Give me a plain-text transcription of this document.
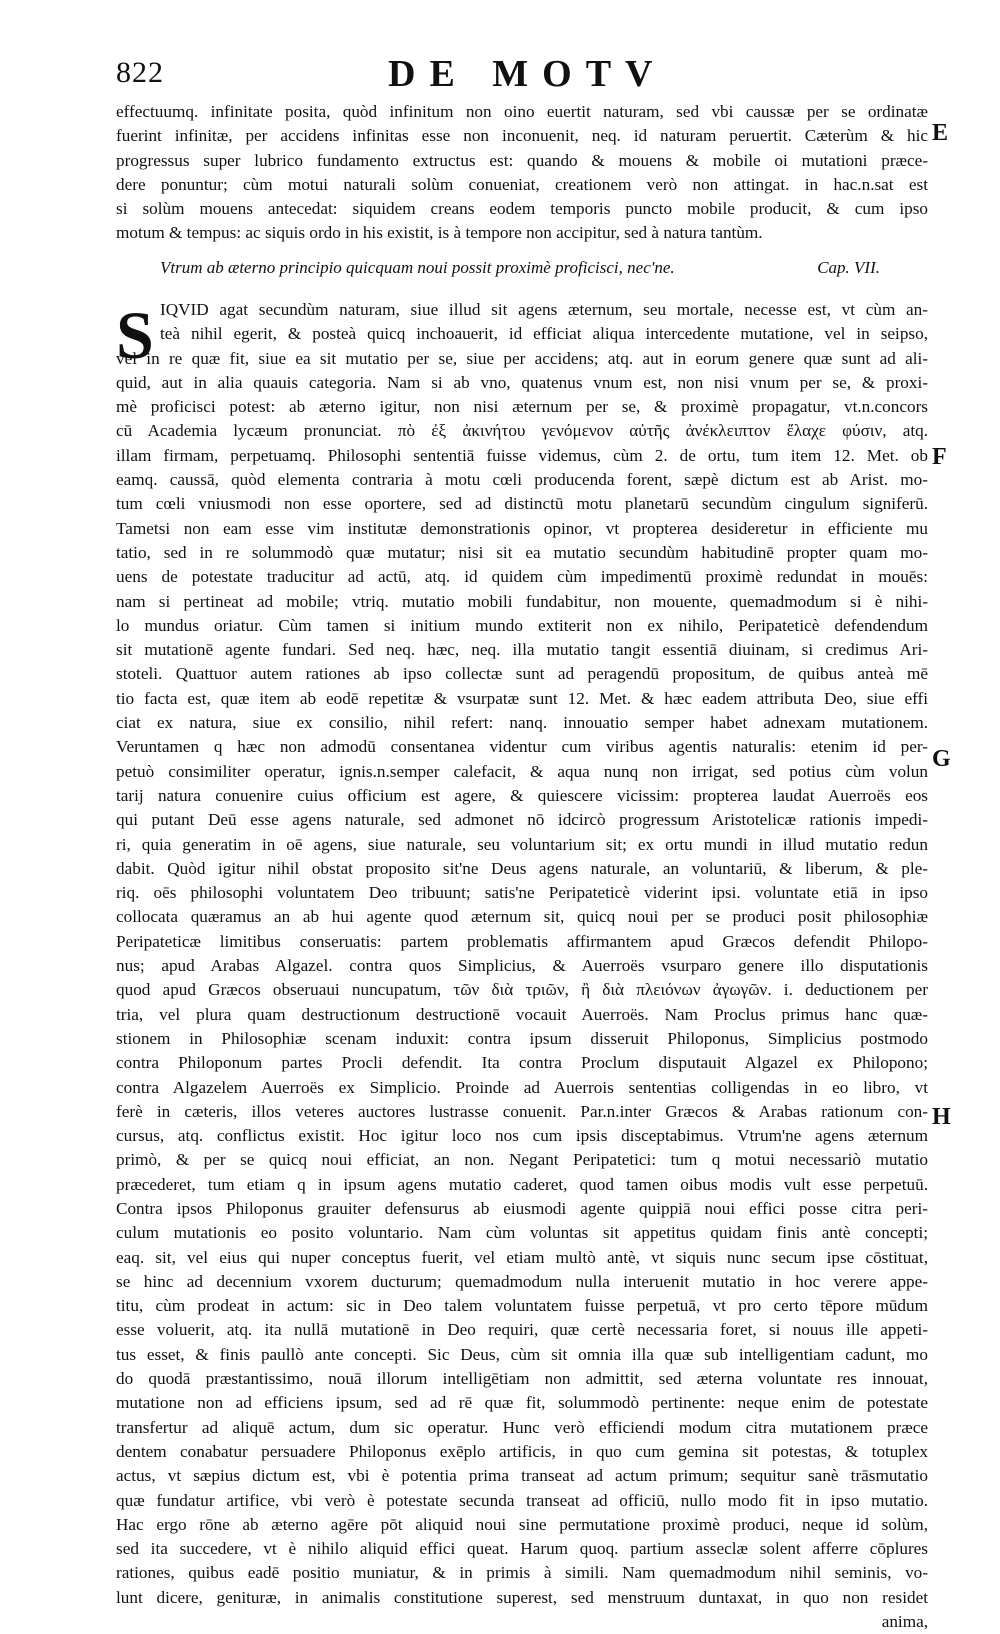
822	DE MOTV
effectuumq. infinitate posita, quòd infinitum non oino euertit naturam, sed vbi caussæ per se ordinatæ
fuerint infinitæ, per accidens infinitas esse non inconuenit, neq. id naturam peruertit. Cæterùm & hic
progressus super lubrico fundamento extructus est: quando & mouens & mobile oi mutationi præce-
dere ponuntur; cùm motui naturali solùm conueniat, creationem verò non attingat. in hac.n.sat est
si solùm mouens antecedat: siquidem creans eodem temporis puncto mobile producit, & cum ipso
motum & tempus: ac siquis ordo in his existit, is à tempore non accipitur, sed à natura tantùm.
Vtrum ab æterno principio quicquam noui possit proximè proficisci, nec'ne.	Cap. VII.
S IQVID agat secundùm naturam, siue illud sit agens æternum, seu mortale, necesse est, vt cùm an-
teà nihil egerit, & posteà quicq inchoauerit, id efficiat aliqua intercedente mutatione, vel in seipso,
vel in re quæ fit, siue ea sit mutatio per se, siue per accidens; atq. aut in eorum genere quæ sunt ad ali-
quid, aut in alia quauis categoria. Nam si ab vno, quatenus vnum est, non nisi vnum per se, & proxi-
mè proficisci potest: ab æterno igitur, non nisi æternum per se, & proximè propagatur, vt.n.concors
cū Academia lycæum pronunciat. πὸ ἐξ ἀκινήτου γενόμενον αὐτῆς ἀνέκλειπτον ἔλαχε φύσιν, atq.
illam firmam, perpetuamq. Philosophi sententiā fuisse videmus, cùm 2. de ortu, tum item 12. Met. ob
eamq. caussā, quòd elementa contraria à motu cœli producenda forent, sæpè dictum est ab Arist. mo-
tum cœli vniusmodi non esse oportere, sed ad distinctū motu planetarū secundùm cingulum signiferū.
Tametsi non eam esse vim institutæ demonstrationis opinor, vt propterea desideretur in efficiente mu
tatio, sed in re solummodò quæ mutatur; nisi sit ea mutatio secundùm habitudinē propter quam mo-
uens de potestate traducitur ad actū, atq. id quidem cùm impedimentū proximè redundat in mouēs:
nam si pertineat ad mobile; vtriq. mutatio mobili fundabitur, non mouente, quemadmodum si è nihi-
lo mundus oriatur. Cùm tamen si initium mundo extiterit non ex nihilo, Peripateticè defendendum
sit mutationē agente fundari. Sed neq. hæc, neq. illa mutatio tangit essentiā diuinam, si credimus Ari-
stoteli. Quattuor autem rationes ab ipso collectæ sunt ad peragendū propositum, de quibus anteà mē
tio facta est, quæ item ab eodē repetitæ & vsurpatæ sunt 12. Met. & hæc eadem attributa Deo, siue effi
ciat ex natura, siue ex consilio, nihil refert: nanq. innouatio semper habet adnexam mutationem.
Veruntamen q hæc non admodū consentanea videntur cum viribus agentis naturalis: etenim id per-
petuò consimiliter operatur, ignis.n.semper calefacit, & aqua nunq non irrigat, sed potius cùm volun
tarij natura conuenire cuius officium est agere, & quiescere vicissim: propterea laudat Auerroës eos
qui putant Deū esse agens naturale, sed admonet nō idcircò progressum Aristotelicæ rationis impedi-
ri, quia generatim in oē agens, siue naturale, seu voluntarium sit; ex ortu mundi in illud mutatio redun
dabit. Quòd igitur nihil obstat proposito sit'ne Deus agens naturale, an voluntariū, & liberum, & ple-
riq. oēs philosophi voluntatem Deo tribuunt; satis'ne Peripateticè viderint ipsi. voluntate etiā in ipso
collocata quæramus an ab hui agente quod æternum sit, quicq noui per se produci posit philosophiæ
Peripateticæ limitibus conseruatis: partem problematis affirmantem apud Græcos defendit Philopo-
nus; apud Arabas Algazel. contra quos Simplicius, & Auerroës vsurparo genere illo disputationis
quod apud Græcos obseruaui nuncupatum, τῶν διὰ τριῶν, ἢ διὰ πλειόνων ἀγωγῶν. i. deductionem per
tria, vel plura quam destructionum destructionē vocauit Auerroës. Nam Proclus primus hanc quæ-
stionem in Philosophiæ scenam induxit: contra ipsum disseruit Philoponus, Simplicius postmodo
contra Philoponum partes Procli defendit. Ita contra Proclum disputauit Algazel ex Philopono;
contra Algazelem Auerroës ex Simplicio. Proinde ad Auerrois sententias colligendas in eo libro, vt
ferè in cæteris, illos veteres auctores lustrasse conuenit. Par.n.inter Græcos & Arabas rationum con-
cursus, atq. conflictus existit. Hoc igitur loco nos cum ipsis disceptabimus. Vtrum'ne agens æternum
primò, & per se quicq noui efficiat, an non. Negant Peripatetici: tum q motui necessariò mutatio
præcederet, tum etiam q in ipsum agens mutatio caderet, quod tamen oibus modis vult esse perpetuū.
Contra ipsos Philoponus grauiter defensurus ab eiusmodi agente quippiā noui effici posse citra peri-
culum mutationis eo posito voluntario. Nam cùm voluntas sit appetitus quidam finis antè concepti;
eaq. sit, vel eius qui nuper conceptus fuerit, vel etiam multò antè, vt siquis nunc secum ipse cōstituat,
se hinc ad decennium vxorem ducturum; quemadmodum nulla interuenit mutatio in hoc verere appe-
titu, cùm prodeat in actum: sic in Deo talem voluntatem fuisse perpetuā, vt pro certo tēpore mūdum
esse voluerit, atq. ita nullā mutationē in Deo requiri, quæ certè necessaria foret, si nouus ille appeti-
tus esset, & finis paullò ante concepti. Sic Deus, cùm sit omnia illa quæ sub intelligentiam cadunt, mo
do quodā præstantissimo, nouā illorum intelligētiam non admittit, sed æterna voluntate res innouat,
mutatione non ad efficiens ipsum, sed ad rē quæ fit, solummodò pertinente: neque enim de potestate
transfertur ad aliquē actum, dum sic operatur. Hunc verò efficiendi modum citra mutationem præce
dentem conabatur persuadere Philoponus exēplo artificis, in quo cum gemina sit potestas, & totuplex
actus, vt sæpius dictum est, vbi è potentia prima transeat ad actum primum; sequitur sanè trāsmutatio
quæ fundatur artifice, vbi verò è potestate secunda transeat ad officiū, nullo modo fit in ipso mutatio.
Hac ergo rōne ab æterno agēre pōt aliquid noui sine permutatione proximè produci, neque id solùm,
sed ita succedere, vt è nihilo aliquid effici queat. Harum quoq. partium asseclæ solent afferre cōplures
rationes, quibus eadē positio muniatur, & in primis à simili. Nam quemadmodum nihil seminis, vo-
lunt dicere, genituræ, in animalis constitutione superest, sed menstruum duntaxat, in quo non residet
anima,
E
F
G
H
